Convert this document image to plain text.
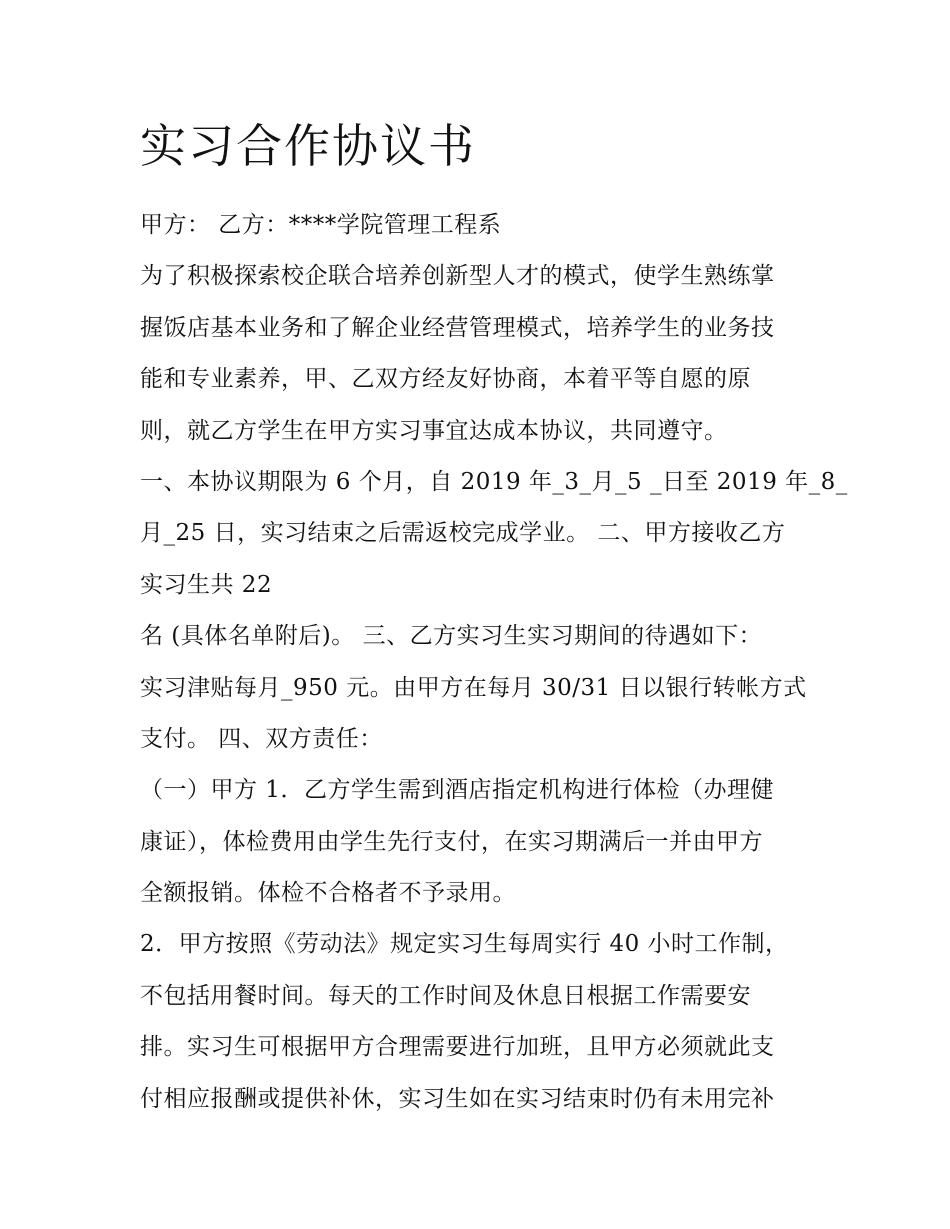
实习合作协议书

甲方： 乙方：****学院管理工程系

为了积极探索校企联合培养创新型人才的模式，使学生熟练掌

握饭店基本业务和了解企业经营管理模式，培养学生的业务技

能和专业素养，甲、乙双方经友好协商，本着平等自愿的原

则，就乙方学生在甲方实习事宜达成本协议，共同遵守。

一、本协议期限为 6 个月，自 2019 年_3_月_5 _日至 2019 年_8_

月_25 日，实习结束之后需返校完成学业。 二、甲方接收乙方

实习生共 22

名 (具体名单附后)。 三、乙方实习生实习期间的待遇如下：

实习津贴每月_950 元。由甲方在每月 30/31 日以银行转帐方式

支付。 四、双方责任：

（一）甲方 1．乙方学生需到酒店指定机构进行体检（办理健

康证），体检费用由学生先行支付，在实习期满后一并由甲方

全额报销。体检不合格者不予录用。

2．甲方按照《劳动法》规定实习生每周实行 40 小时工作制，

不包括用餐时间。每天的工作时间及休息日根据工作需要安

排。实习生可根据甲方合理需要进行加班，且甲方必须就此支

付相应报酬或提供补休，实习生如在实习结束时仍有未用完补
